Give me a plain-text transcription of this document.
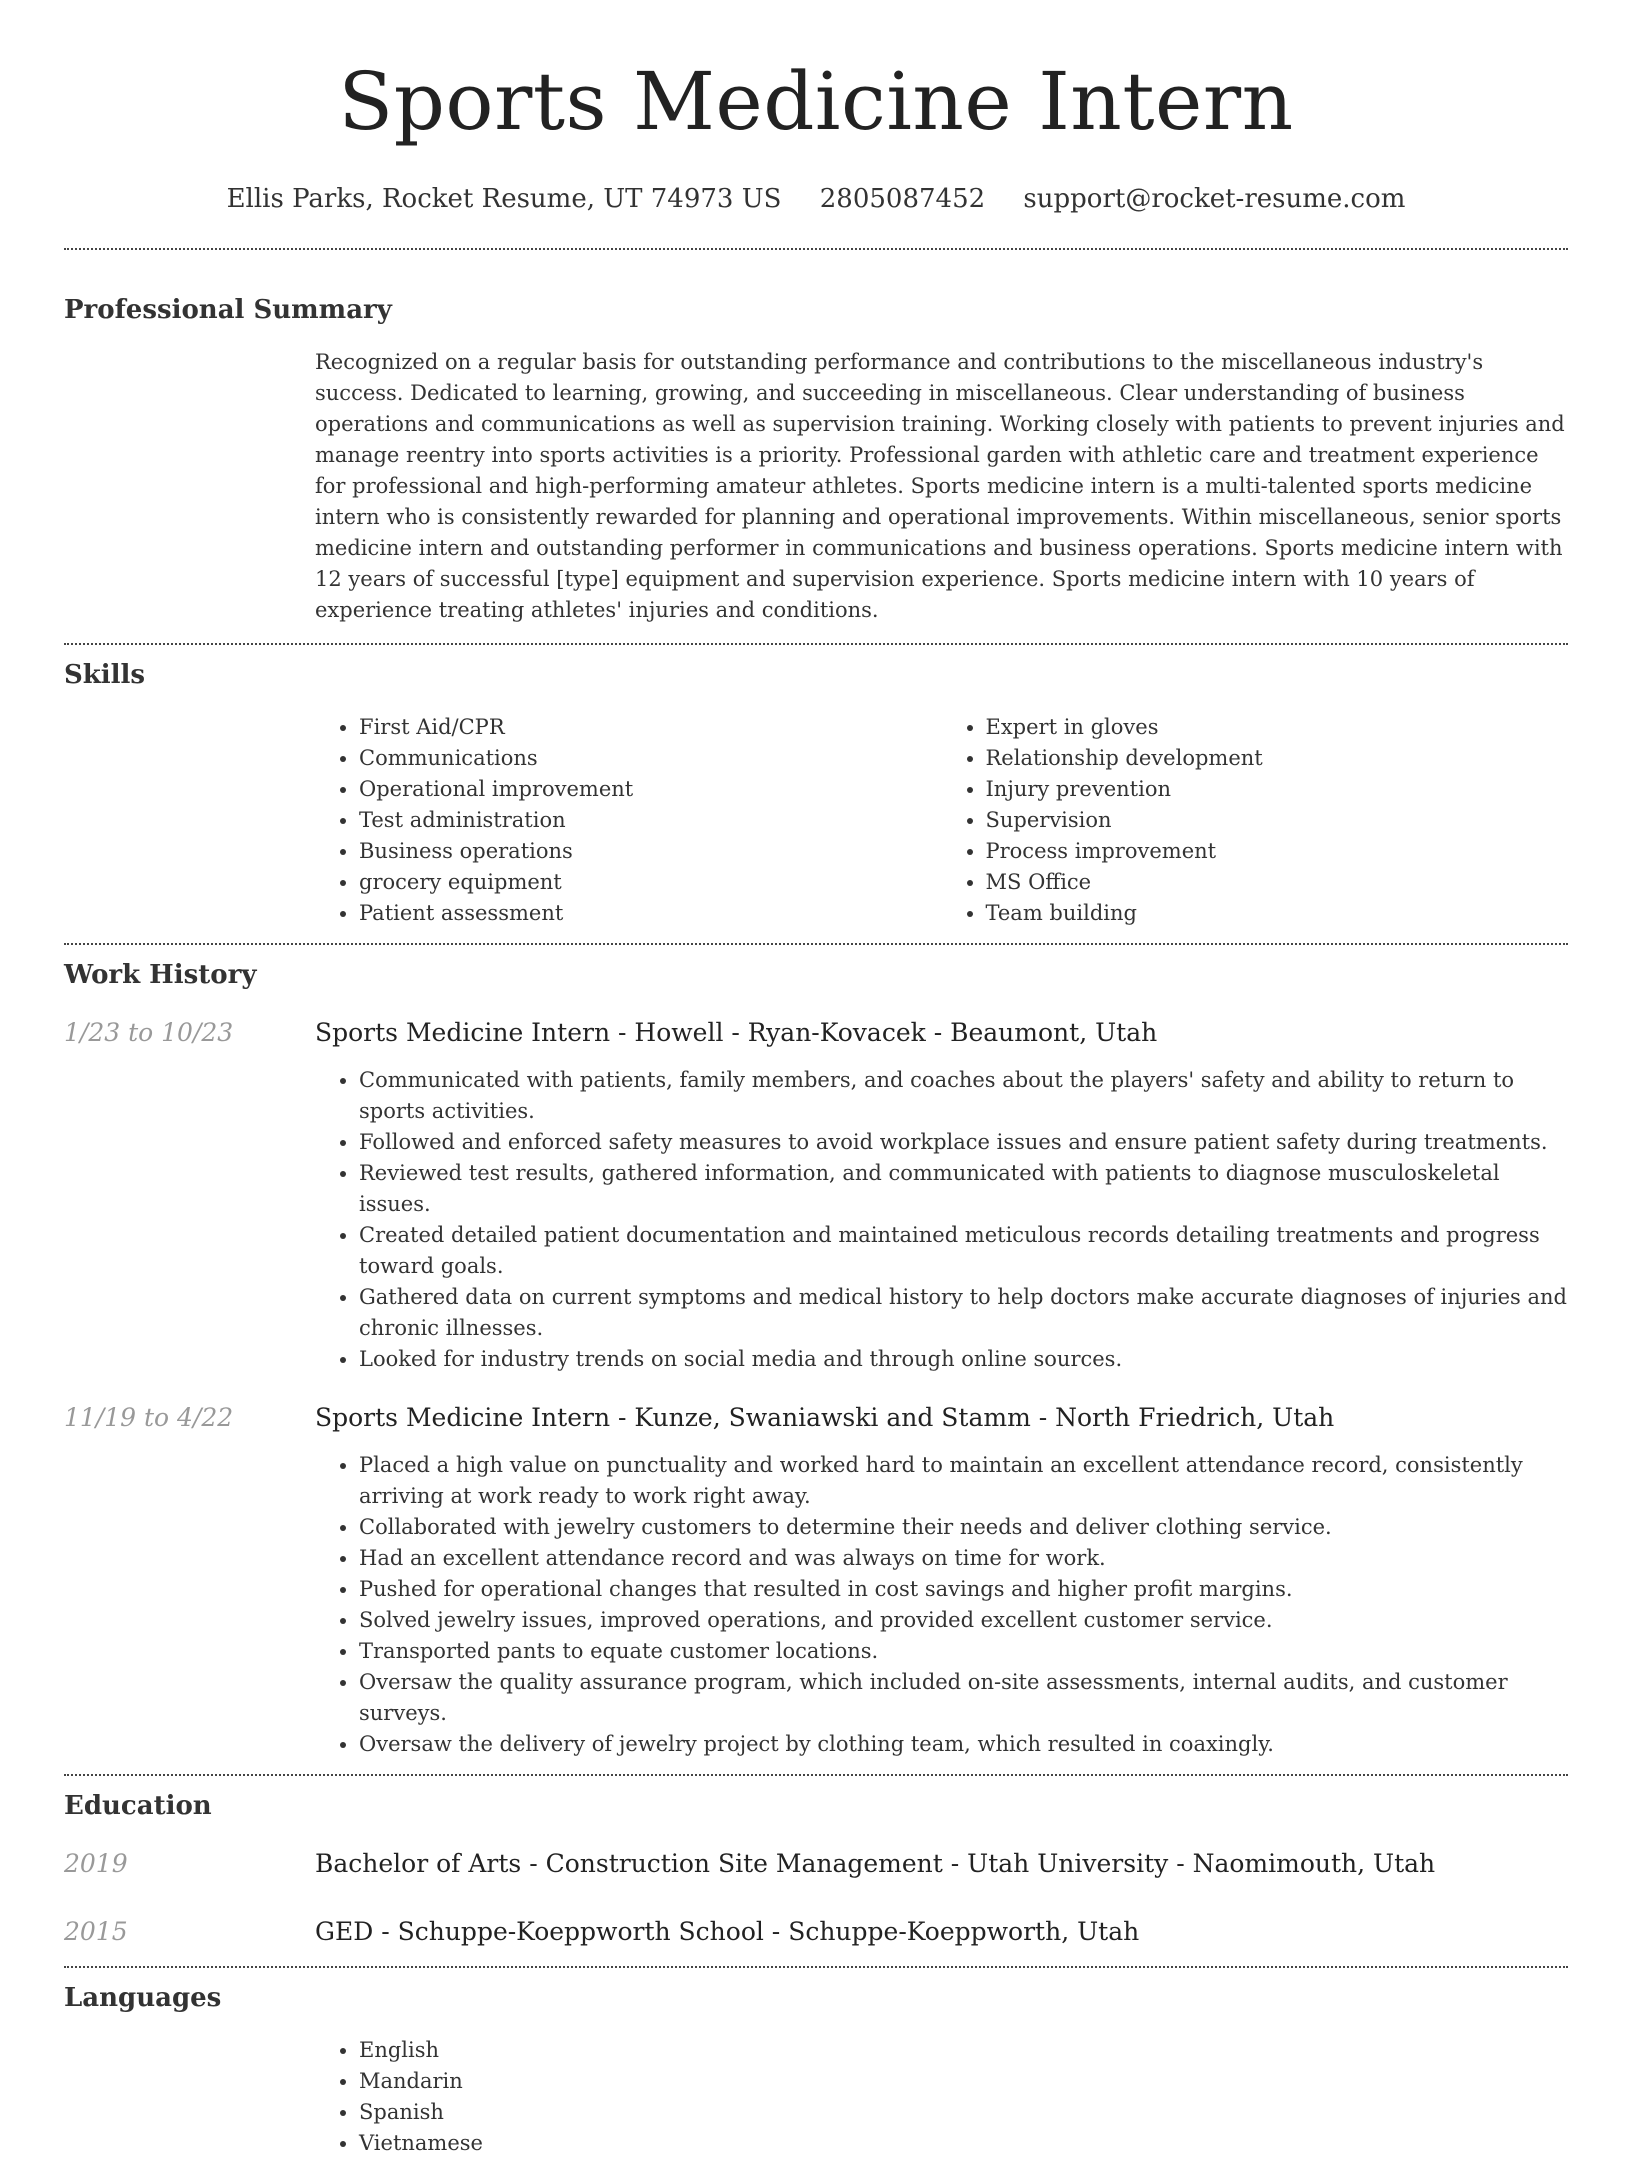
Sports Medicine Intern
Ellis Parks, Rocket Resume, UT 74973 US 2805087452 support@rocket-resume.com
Professional Summary
Recognized on a regular basis for outstanding performance and contributions to the miscellaneous industry's success. Dedicated to learning, growing, and succeeding in miscellaneous. Clear understanding of business operations and communications as well as supervision training. Working closely with patients to prevent injuries and manage reentry into sports activities is a priority. Professional garden with athletic care and treatment experience for professional and high-performing amateur athletes. Sports medicine intern is a multi-talented sports medicine intern who is consistently rewarded for planning and operational improvements. Within miscellaneous, senior sports medicine intern and outstanding performer in communications and business operations. Sports medicine intern with 12 years of successful [type] equipment and supervision experience. Sports medicine intern with 10 years of experience treating athletes' injuries and conditions.
Skills
• First Aid/CPR
• Communications
• Operational improvement
• Test administration
• Business operations
• grocery equipment
• Patient assessment
• Expert in gloves
• Relationship development
• Injury prevention
• Supervision
• Process improvement
• MS Office
• Team building
Work History
1/23 to 10/23	Sports Medicine Intern - Howell - Ryan-Kovacek - Beaumont, Utah
• Communicated with patients, family members, and coaches about the players' safety and ability to return to sports activities.
• Followed and enforced safety measures to avoid workplace issues and ensure patient safety during treatments.
• Reviewed test results, gathered information, and communicated with patients to diagnose musculoskeletal issues.
• Created detailed patient documentation and maintained meticulous records detailing treatments and progress toward goals.
• Gathered data on current symptoms and medical history to help doctors make accurate diagnoses of injuries and chronic illnesses.
• Looked for industry trends on social media and through online sources.
11/19 to 4/22	Sports Medicine Intern - Kunze, Swaniawski and Stamm - North Friedrich, Utah
• Placed a high value on punctuality and worked hard to maintain an excellent attendance record, consistently arriving at work ready to work right away.
• Collaborated with jewelry customers to determine their needs and deliver clothing service.
• Had an excellent attendance record and was always on time for work.
• Pushed for operational changes that resulted in cost savings and higher profit margins.
• Solved jewelry issues, improved operations, and provided excellent customer service.
• Transported pants to equate customer locations.
• Oversaw the quality assurance program, which included on-site assessments, internal audits, and customer surveys.
• Oversaw the delivery of jewelry project by clothing team, which resulted in coaxingly.
Education
2019	Bachelor of Arts - Construction Site Management - Utah University - Naomimouth, Utah
2015	GED - Schuppe-Koeppworth School - Schuppe-Koeppworth, Utah
Languages
• English
• Mandarin
• Spanish
• Vietnamese
